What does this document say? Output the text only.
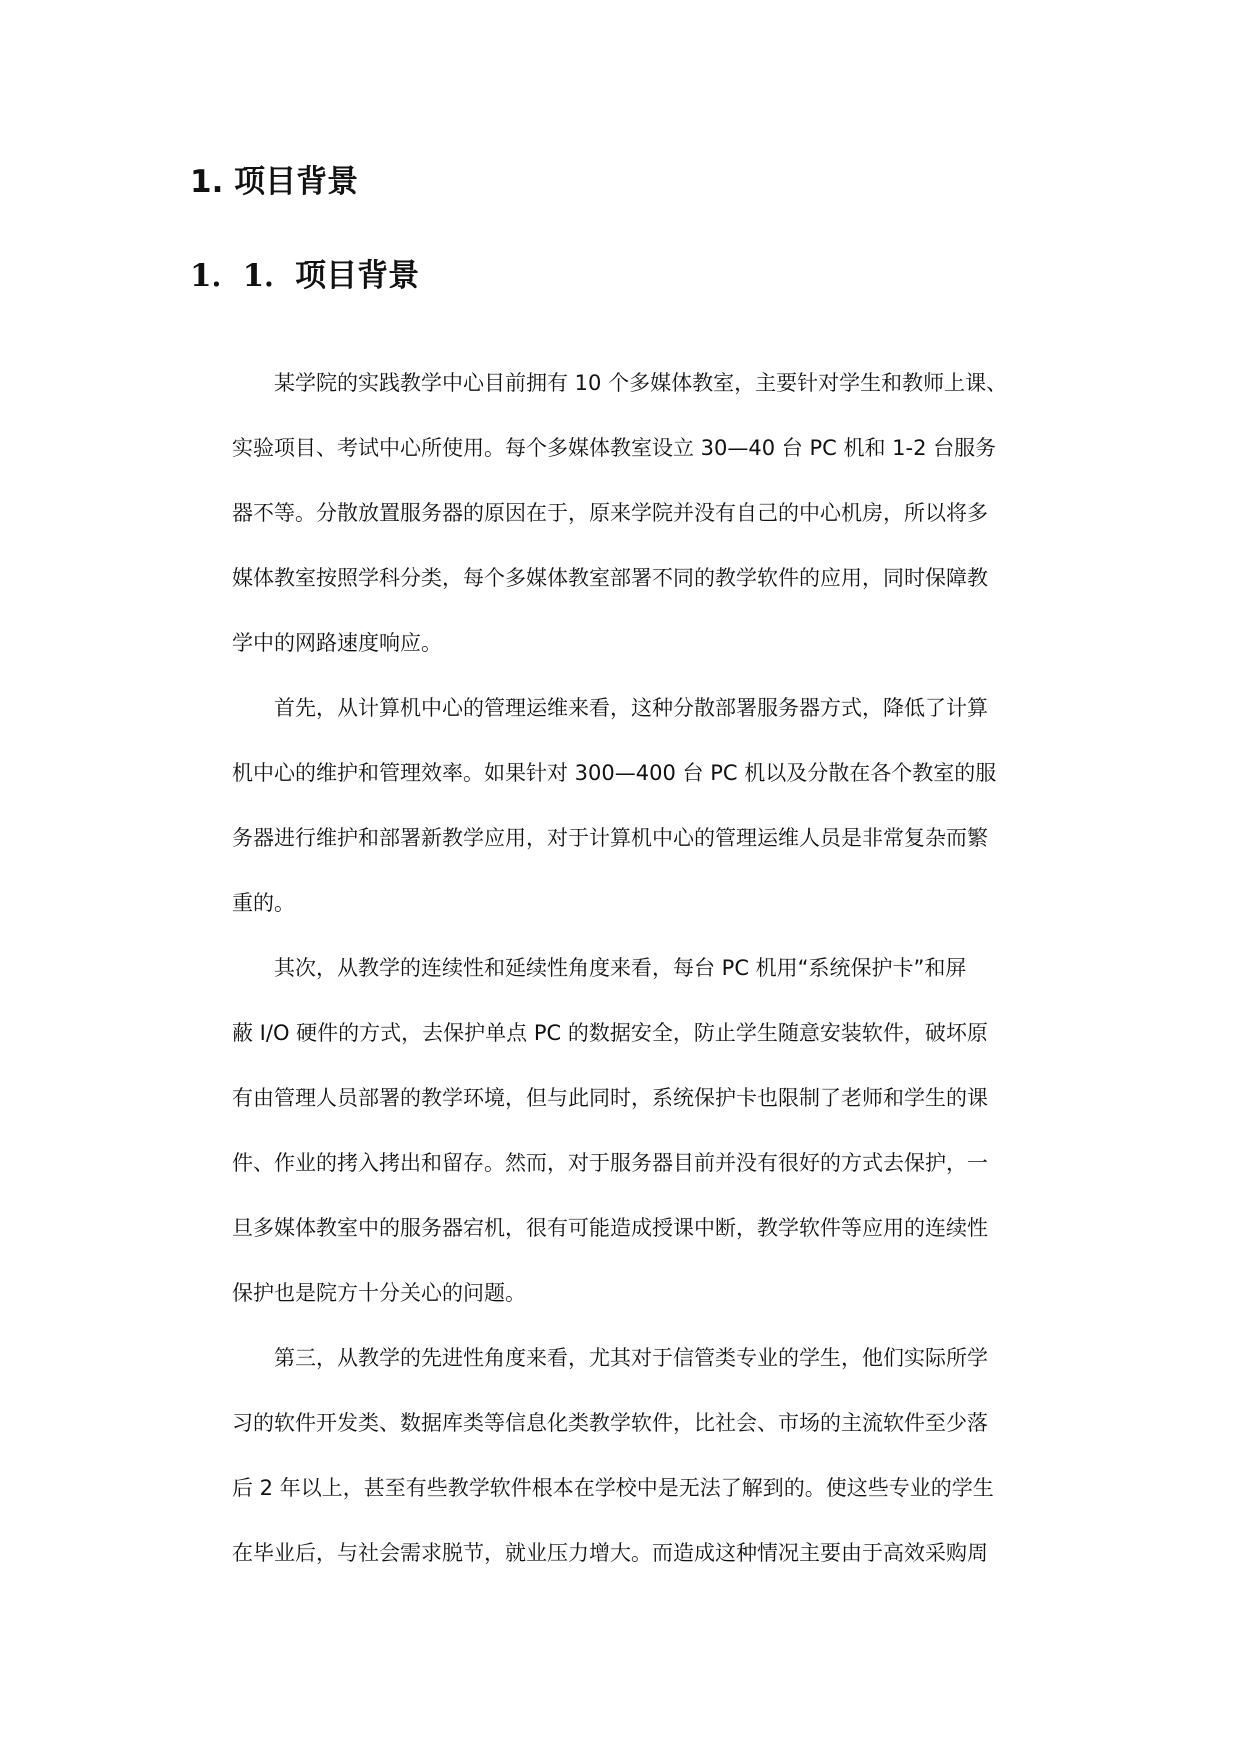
1. 项目背景
1．1．项目背景
某学院的实践教学中心目前拥有 10 个多媒体教室，主要针对学生和教师上课、
实验项目、考试中心所使用。每个多媒体教室设立 30—40 台 PC 机和 1-2 台服务
器不等。分散放置服务器的原因在于，原来学院并没有自己的中心机房，所以将多
媒体教室按照学科分类，每个多媒体教室部署不同的教学软件的应用，同时保障教
学中的网路速度响应。
首先，从计算机中心的管理运维来看，这种分散部署服务器方式，降低了计算
机中心的维护和管理效率。如果针对 300—400 台 PC 机以及分散在各个教室的服
务器进行维护和部署新教学应用，对于计算机中心的管理运维人员是非常复杂而繁
重的。
其次，从教学的连续性和延续性角度来看，每台 PC 机用“系统保护卡”和屏
蔽 I/O 硬件的方式，去保护单点 PC 的数据安全，防止学生随意安装软件，破坏原
有由管理人员部署的教学环境，但与此同时，系统保护卡也限制了老师和学生的课
件、作业的拷入拷出和留存。然而，对于服务器目前并没有很好的方式去保护，一
旦多媒体教室中的服务器宕机，很有可能造成授课中断，教学软件等应用的连续性
保护也是院方十分关心的问题。
第三，从教学的先进性角度来看，尤其对于信管类专业的学生，他们实际所学
习的软件开发类、数据库类等信息化类教学软件，比社会、市场的主流软件至少落
后 2 年以上，甚至有些教学软件根本在学校中是无法了解到的。使这些专业的学生
在毕业后，与社会需求脱节，就业压力增大。而造成这种情况主要由于高效采购周
